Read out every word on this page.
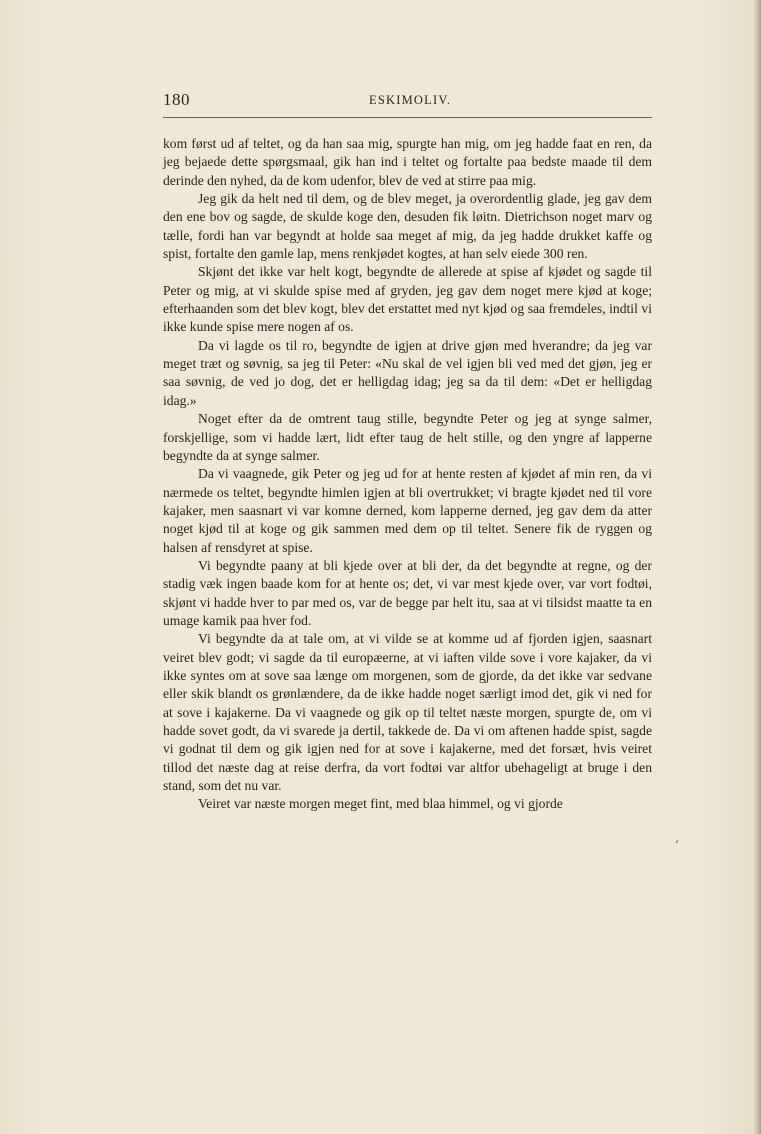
180	ESKIMOLIV.

kom først ud af teltet, og da han saa mig, spurgte han mig, om jeg hadde faat en ren, da jeg bejaede dette spørgsmaal, gik han ind i teltet og fortalte paa bedste maade til dem derinde den nyhed, da de kom udenfor, blev de ved at stirre paa mig.

Jeg gik da helt ned til dem, og de blev meget, ja overordentlig glade, jeg gav dem den ene bov og sagde, de skulde koge den, desuden fik løitn. Dietrichson noget marv og tælle, fordi han var begyndt at holde saa meget af mig, da jeg hadde drukket kaffe og spist, fortalte den gamle lap, mens renkjødet kogtes, at han selv eiede 300 ren.

Skjønt det ikke var helt kogt, begyndte de allerede at spise af kjødet og sagde til Peter og mig, at vi skulde spise med af gryden, jeg gav dem noget mere kjød at koge; efterhaanden som det blev kogt, blev det erstattet med nyt kjød og saa fremdeles, indtil vi ikke kunde spise mere nogen af os.

Da vi lagde os til ro, begyndte de igjen at drive gjøn med hverandre; da jeg var meget træt og søvnig, sa jeg til Peter: «Nu skal de vel igjen bli ved med det gjøn, jeg er saa søvnig, de ved jo dog, det er helligdag idag; jeg sa da til dem: «Det er helligdag idag.»

Noget efter da de omtrent taug stille, begyndte Peter og jeg at synge salmer, forskjellige, som vi hadde lært, lidt efter taug de helt stille, og den yngre af lapperne begyndte da at synge salmer.

Da vi vaagnede, gik Peter og jeg ud for at hente resten af kjødet af min ren, da vi nærmede os teltet, begyndte himlen igjen at bli overtrukket; vi bragte kjødet ned til vore kajaker, men saasnart vi var komne derned, kom lapperne derned, jeg gav dem da atter noget kjød til at koge og gik sammen med dem op til teltet. Senere fik de ryggen og halsen af rensdyret at spise.

Vi begyndte paany at bli kjede over at bli der, da det begyndte at regne, og der stadig væk ingen baade kom for at hente os; det, vi var mest kjede over, var vort fodtøi, skjønt vi hadde hver to par med os, var de begge par helt itu, saa at vi tilsidst maatte ta en umage kamik paa hver fod.

Vi begyndte da at tale om, at vi vilde se at komme ud af fjorden igjen, saasnart veiret blev godt; vi sagde da til europæerne, at vi iaften vilde sove i vore kajaker, da vi ikke syntes om at sove saa længe om morgenen, som de gjorde, da det ikke var sedvane eller skik blandt os grønlændere, da de ikke hadde noget særligt imod det, gik vi ned for at sove i kajakerne. Da vi vaagnede og gik op til teltet næste morgen, spurgte de, om vi hadde sovet godt, da vi svarede ja dertil, takkede de. Da vi om aftenen hadde spist, sagde vi godnat til dem og gik igjen ned for at sove i kajakerne, med det forsæt, hvis veiret tillod det næste dag at reise derfra, da vort fodtøi var altfor ubehageligt at bruge i den stand, som det nu var.

Veiret var næste morgen meget fint, med blaa himmel, og vi gjorde

‘
